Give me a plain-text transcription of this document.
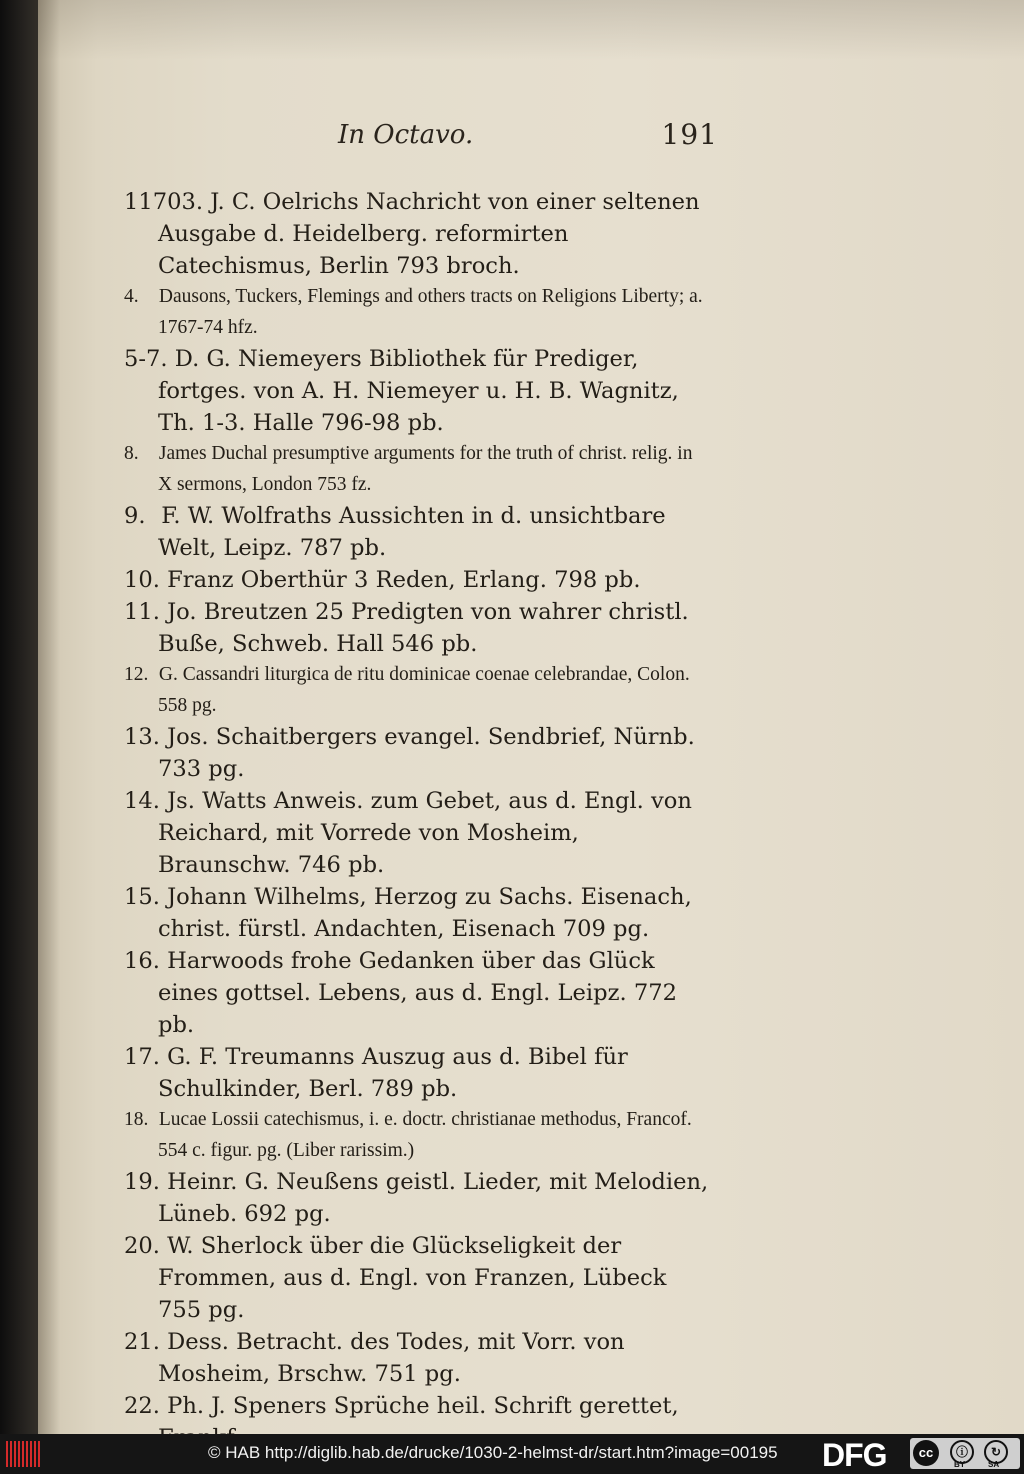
In Octavo.	191

11703. J. C. Oelrichs Nachricht von einer seltenen Ausgabe d. Heidelberg. reformirten Catechismus, Berlin 793 broch.

4. Dausons, Tuckers, Flemings and others tracts on Religions Liberty; a. 1767-74 hfz.

5-7. D. G. Niemeyers Bibliothek für Prediger, fortges. von A. H. Niemeyer u. H. B. Wagnitz, Th. 1-3. Halle 796-98 pb.

8. James Duchal presumptive arguments for the truth of christ. relig. in X sermons, London 753 fz.

9. F. W. Wolfraths Aussichten in d. unsichtbare Welt, Leipz. 787 pb.

10. Franz Oberthür 3 Reden, Erlang. 798 pb.

11. Jo. Breutzen 25 Predigten von wahrer christl. Buße, Schweb. Hall 546 pb.

12. G. Cassandri liturgica de ritu dominicae coenae celebrandae, Colon. 558 pg.

13. Jos. Schaitbergers evangel. Sendbrief, Nürnb. 733 pg.

14. Js. Watts Anweis. zum Gebet, aus d. Engl. von Reichard, mit Vorrede von Mosheim, Braunschw. 746 pb.

15. Johann Wilhelms, Herzog zu Sachs. Eisenach, christ. fürstl. Andachten, Eisenach 709 pg.

16. Harwoods frohe Gedanken über das Glück eines gottsel. Lebens, aus d. Engl. Leipz. 772 pb.

17. G. F. Treumanns Auszug aus d. Bibel für Schulkinder, Berl. 789 pb.

18. Lucae Lossii catechismus, i. e. doctr. christianae methodus, Francof. 554 c. figur. pg. (Liber rarissim.)

19. Heinr. G. Neußens geistl. Lieder, mit Melodien, Lüneb. 692 pg.

20. W. Sherlock über die Glückseligkeit der Frommen, aus d. Engl. von Franzen, Lübeck 755 pg.

21. Dess. Betracht. des Todes, mit Vorr. von Mosheim, Brschw. 751 pg.

22. Ph. J. Speners Sprüche heil. Schrift gerettet,

© HAB http://diglib.hab.de/drucke/1030-2-helmst-dr/start.htm?image=00195 DFG	cc	ⓘ	↻
BY	SA
